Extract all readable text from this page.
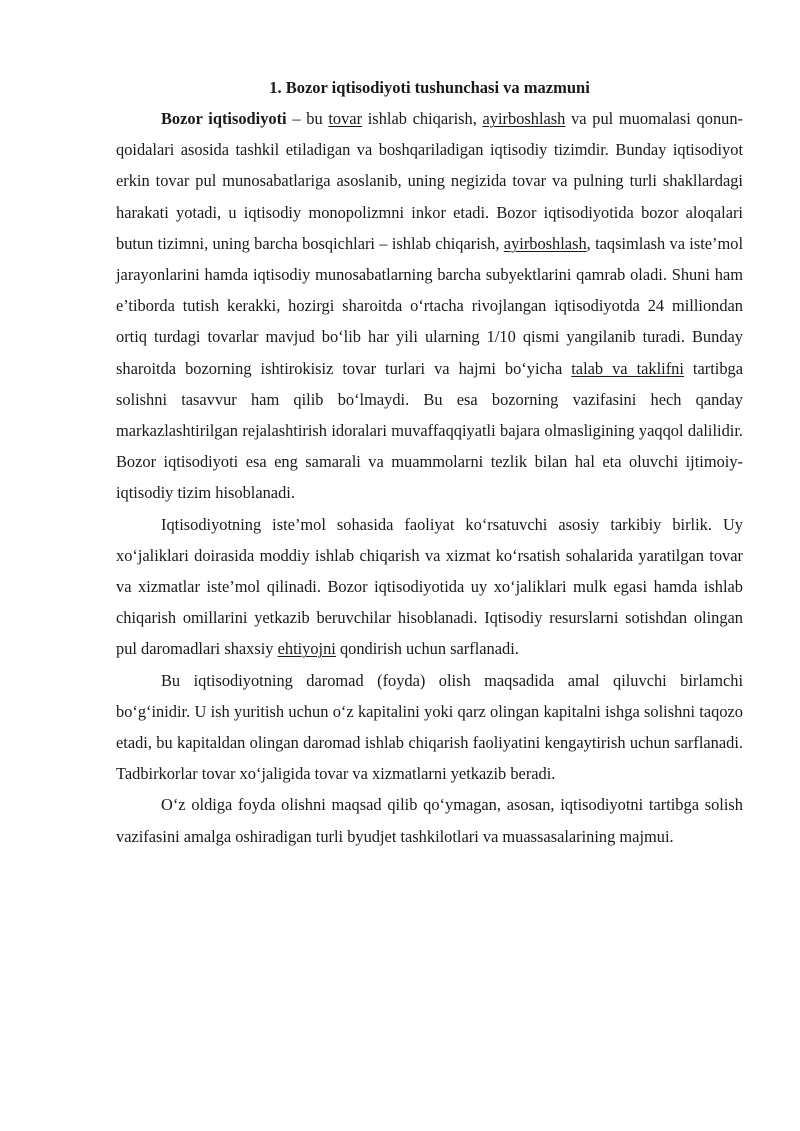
1. Bozor iqtisodiyoti tushunchasi va mazmuni

Bozor iqtisodiyoti – bu tovar ishlab chiqarish, ayirboshlash va pul muomalasi qonun-qoidalari asosida tashkil etiladigan va boshqariladigan iqtisodiy tizimdir. Bunday iqtisodiyot erkin tovar pul munosabatlariga asoslanib, uning negizida tovar va pulning turli shakllardagi harakati yotadi, u iqtisodiy monopolizmni inkor etadi. Bozor iqtisodiyotida bozor aloqalari butun tizimni, uning barcha bosqichlari – ishlab chiqarish, ayirboshlash, taqsimlash va iste’mol jarayonlarini hamda iqtisodiy munosabatlarning barcha subyektlarini qamrab oladi. Shuni ham e’tiborda tutish kerakki, hozirgi sharoitda o‘rtacha rivojlangan iqtisodiyotda 24 milliondan ortiq turdagi tovarlar mavjud bo‘lib har yili ularning 1/10 qismi yangilanib turadi. Bunday sharoitda bozorning ishtirokisiz tovar turlari va hajmi bo‘yicha talab va taklifni tartibga solishni tasavvur ham qilib bo‘lmaydi. Bu esa bozorning vazifasini hech qanday markazlashtirilgan rejalashtirish idoralari muvaffaqqiyatli bajara olmasligining yaqqol dalilidir. Bozor iqtisodiyoti esa eng samarali va muammolarni tezlik bilan hal eta oluvchi ijtimoiy-iqtisodiy tizim hisoblanadi.

Iqtisodiyotning iste’mol sohasida faoliyat ko‘rsatuvchi asosiy tarkibiy birlik. Uy xo‘jaliklari doirasida moddiy ishlab chiqarish va xizmat ko‘rsatish sohalarida yaratilgan tovar va xizmatlar iste’mol qilinadi. Bozor iqtisodiyotida uy xo‘jaliklari mulk egasi hamda ishlab chiqarish omillarini yetkazib beruvchilar hisoblanadi. Iqtisodiy resurslarni sotishdan olingan pul daromadlari shaxsiy ehtiyojni qondirish uchun sarflanadi.

Bu iqtisodiyotning daromad (foyda) olish maqsadida amal qiluvchi birlamchi bo‘g‘inidir. U ish yuritish uchun o‘z kapitalini yoki qarz olingan kapitalni ishga solishni taqozo etadi, bu kapitaldan olingan daromad ishlab chiqarish faoliyatini kengaytirish uchun sarflanadi. Tadbirkorlar tovar xo‘jaligida tovar va xizmatlarni yetkazib beradi.

O‘z oldiga foyda olishni maqsad qilib qo‘ymagan, asosan, iqtisodiyotni tartibga solish vazifasini amalga oshiradigan turli byudjet tashkilotlari va muassasalarining majmui.
